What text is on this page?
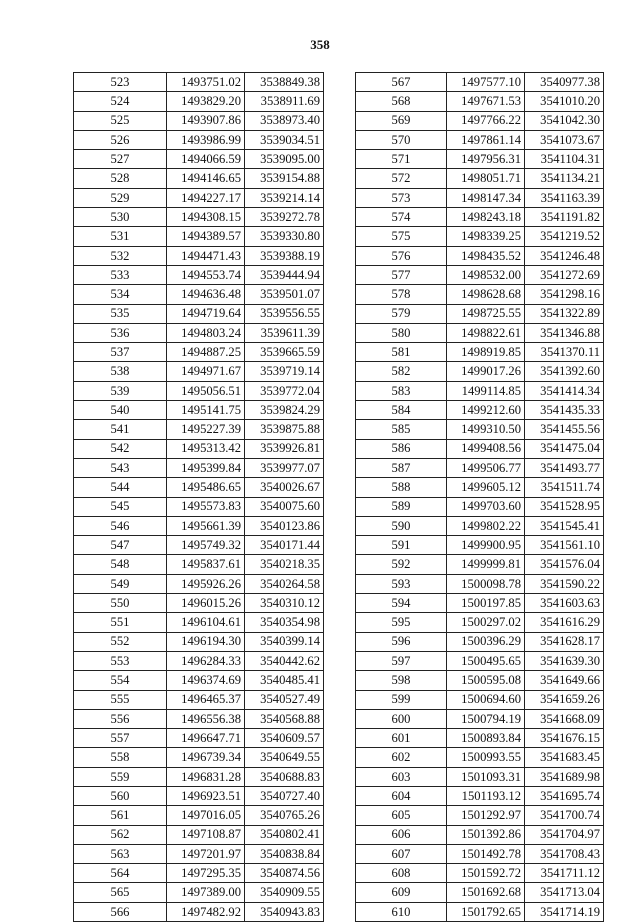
358
523	1493751.02	3538849.38
524	1493829.20	3538911.69
525	1493907.86	3538973.40
526	1493986.99	3539034.51
527	1494066.59	3539095.00
528	1494146.65	3539154.88
529	1494227.17	3539214.14
530	1494308.15	3539272.78
531	1494389.57	3539330.80
532	1494471.43	3539388.19
533	1494553.74	3539444.94
534	1494636.48	3539501.07
535	1494719.64	3539556.55
536	1494803.24	3539611.39
537	1494887.25	3539665.59
538	1494971.67	3539719.14
539	1495056.51	3539772.04
540	1495141.75	3539824.29
541	1495227.39	3539875.88
542	1495313.42	3539926.81
543	1495399.84	3539977.07
544	1495486.65	3540026.67
545	1495573.83	3540075.60
546	1495661.39	3540123.86
547	1495749.32	3540171.44
548	1495837.61	3540218.35
549	1495926.26	3540264.58
550	1496015.26	3540310.12
551	1496104.61	3540354.98
552	1496194.30	3540399.14
553	1496284.33	3540442.62
554	1496374.69	3540485.41
555	1496465.37	3540527.49
556	1496556.38	3540568.88
557	1496647.71	3540609.57
558	1496739.34	3540649.55
559	1496831.28	3540688.83
560	1496923.51	3540727.40
561	1497016.05	3540765.26
562	1497108.87	3540802.41
563	1497201.97	3540838.84
564	1497295.35	3540874.56
565	1497389.00	3540909.55
566	1497482.92	3540943.83
567	1497577.10	3540977.38
568	1497671.53	3541010.20
569	1497766.22	3541042.30
570	1497861.14	3541073.67
571	1497956.31	3541104.31
572	1498051.71	3541134.21
573	1498147.34	3541163.39
574	1498243.18	3541191.82
575	1498339.25	3541219.52
576	1498435.52	3541246.48
577	1498532.00	3541272.69
578	1498628.68	3541298.16
579	1498725.55	3541322.89
580	1498822.61	3541346.88
581	1498919.85	3541370.11
582	1499017.26	3541392.60
583	1499114.85	3541414.34
584	1499212.60	3541435.33
585	1499310.50	3541455.56
586	1499408.56	3541475.04
587	1499506.77	3541493.77
588	1499605.12	3541511.74
589	1499703.60	3541528.95
590	1499802.22	3541545.41
591	1499900.95	3541561.10
592	1499999.81	3541576.04
593	1500098.78	3541590.22
594	1500197.85	3541603.63
595	1500297.02	3541616.29
596	1500396.29	3541628.17
597	1500495.65	3541639.30
598	1500595.08	3541649.66
599	1500694.60	3541659.26
600	1500794.19	3541668.09
601	1500893.84	3541676.15
602	1500993.55	3541683.45
603	1501093.31	3541689.98
604	1501193.12	3541695.74
605	1501292.97	3541700.74
606	1501392.86	3541704.97
607	1501492.78	3541708.43
608	1501592.72	3541711.12
609	1501692.68	3541713.04
610	1501792.65	3541714.19
